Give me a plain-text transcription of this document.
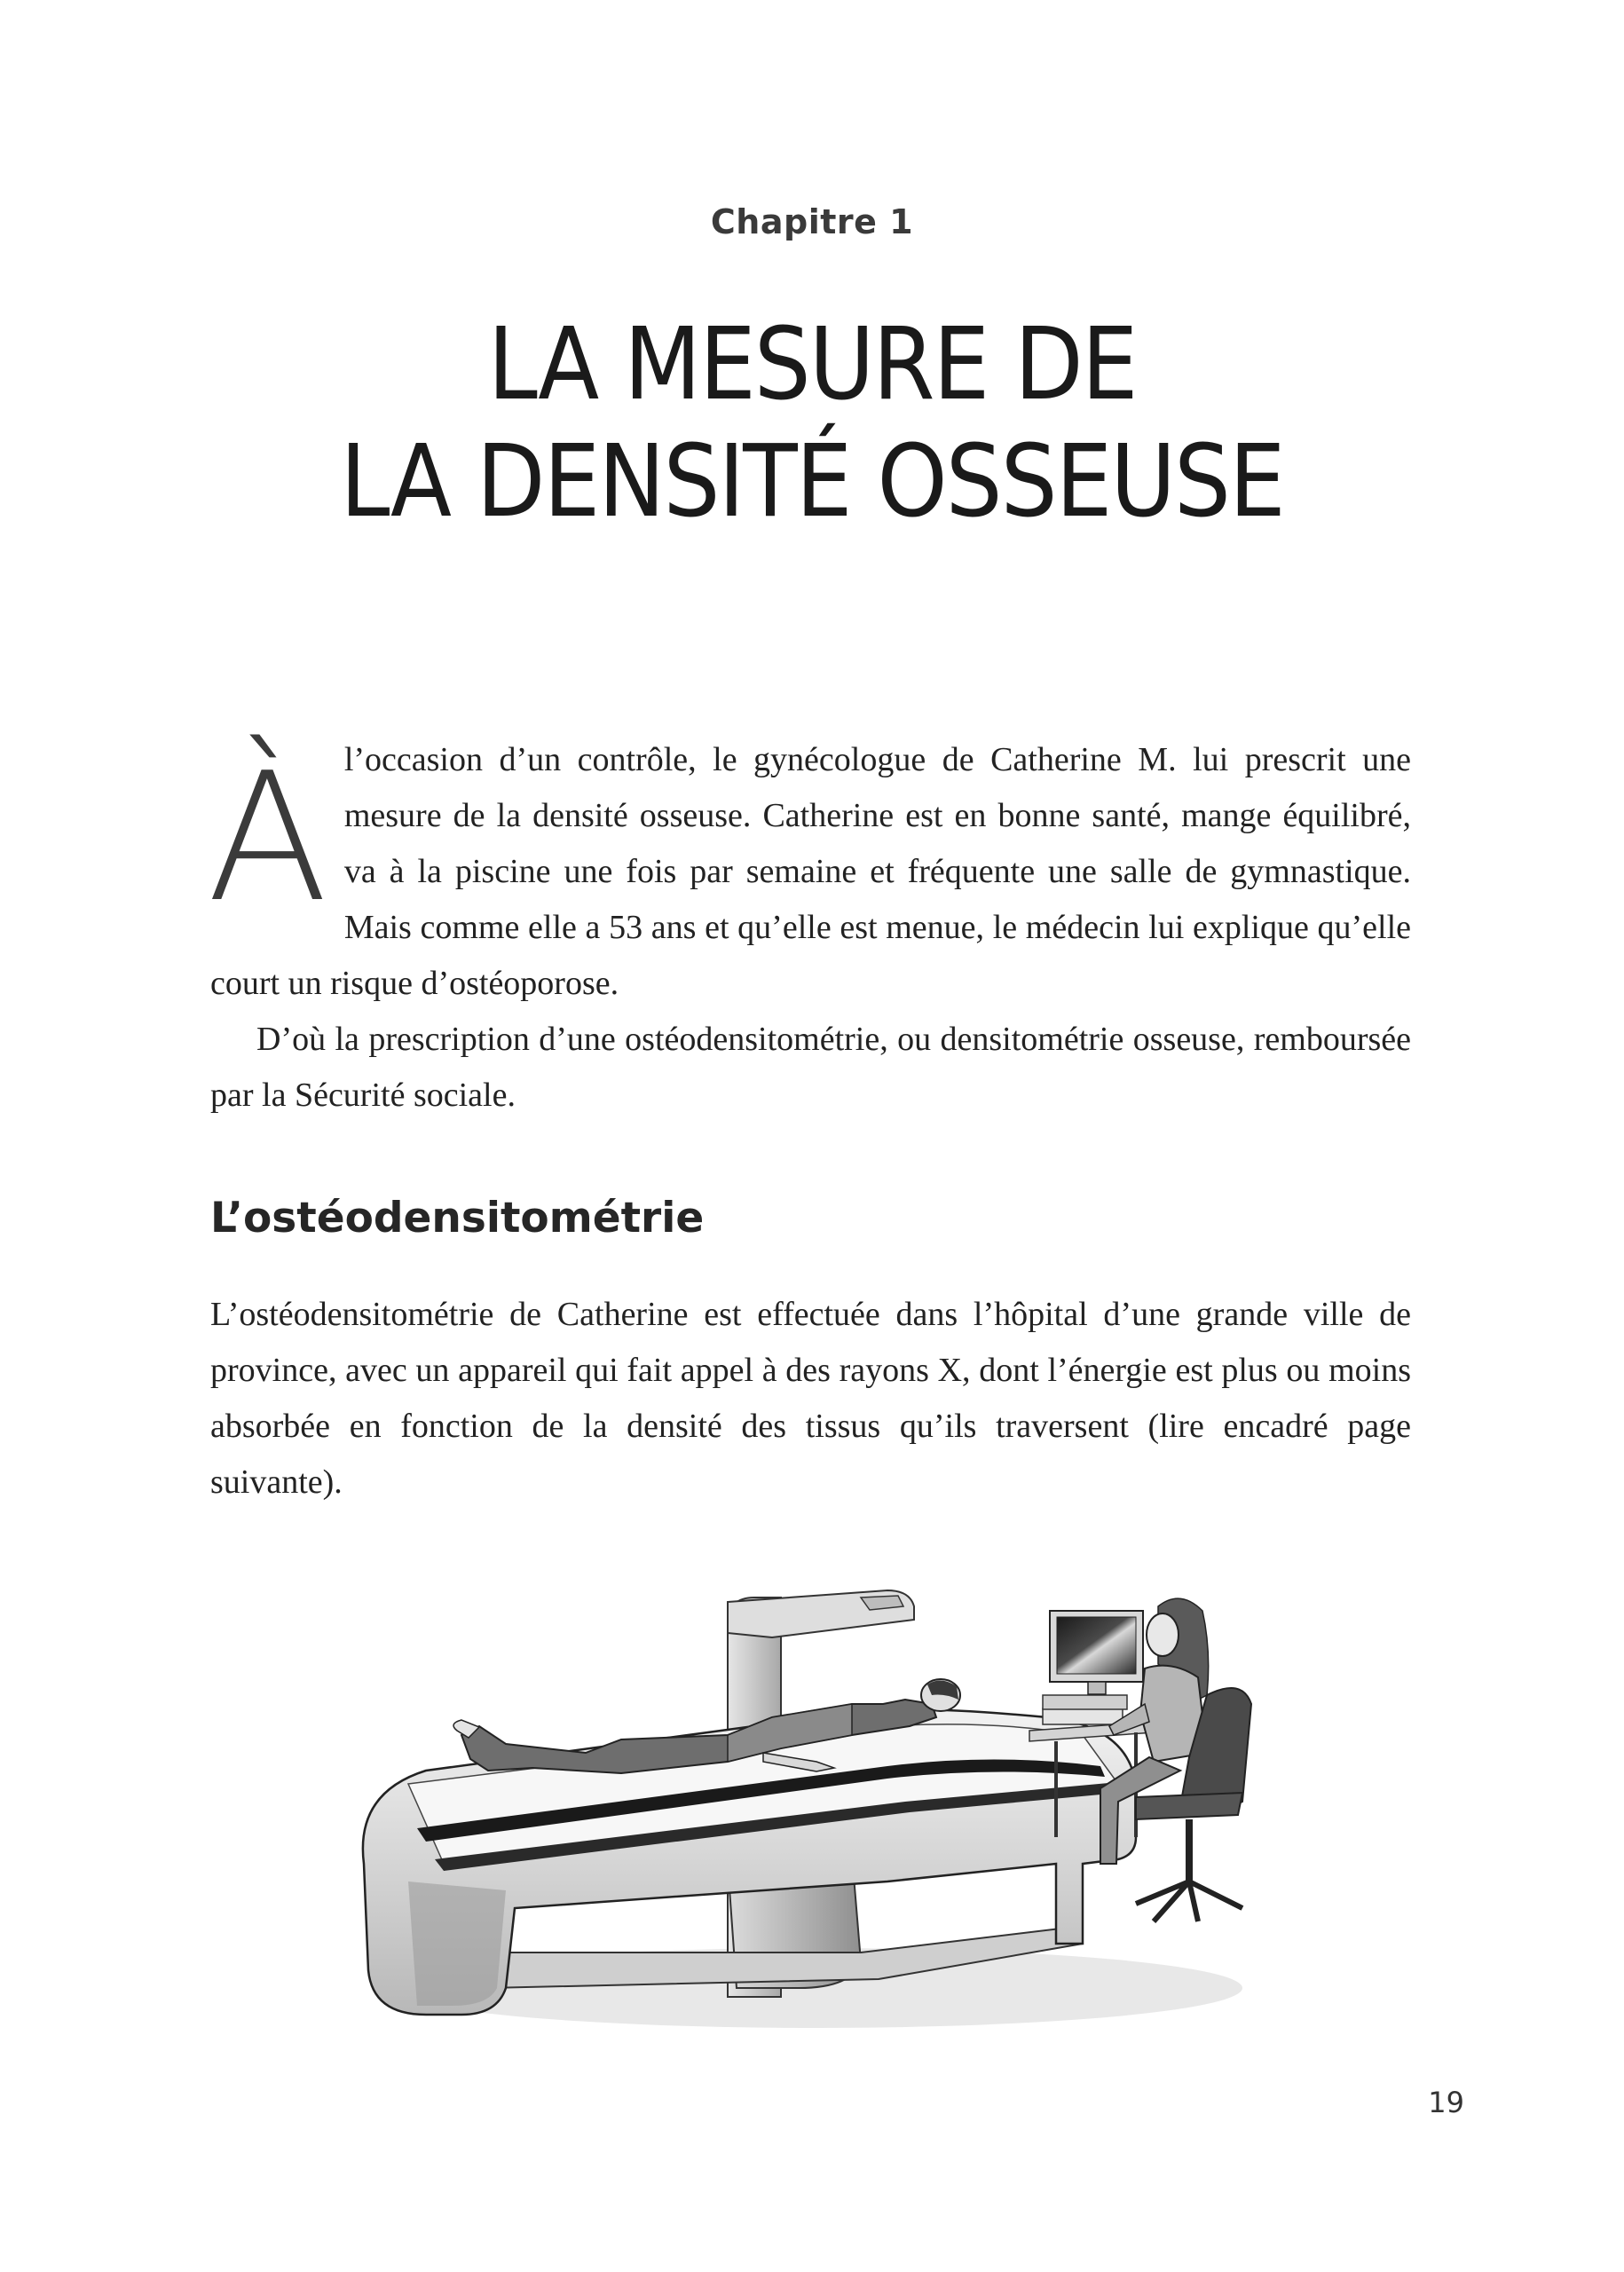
Chapitre 1
LA MESURE DE
LA DENSITÉ OSSEUSE

À l’occasion d’un contrôle, le gynécologue de Catherine M. lui prescrit une mesure de la densité osseuse. Catherine est en bonne santé, mange équilibré, va à la piscine une fois par semaine et fréquente une salle de gymnastique. Mais comme elle a 53 ans et qu’elle est menue, le médecin lui explique qu’elle court un risque d’ostéoporose.

D’où la prescription d’une ostéodensitométrie, ou densitométrie osseuse, remboursée par la Sécurité sociale.

L’ostéodensitométrie

L’ostéodensitométrie de Catherine est effectuée dans l’hôpital d’une grande ville de province, avec un appareil qui fait appel à des rayons X, dont l’énergie est plus ou moins absorbée en fonction de la densité des tissus qu’ils traversent (lire encadré page suivante).

19
